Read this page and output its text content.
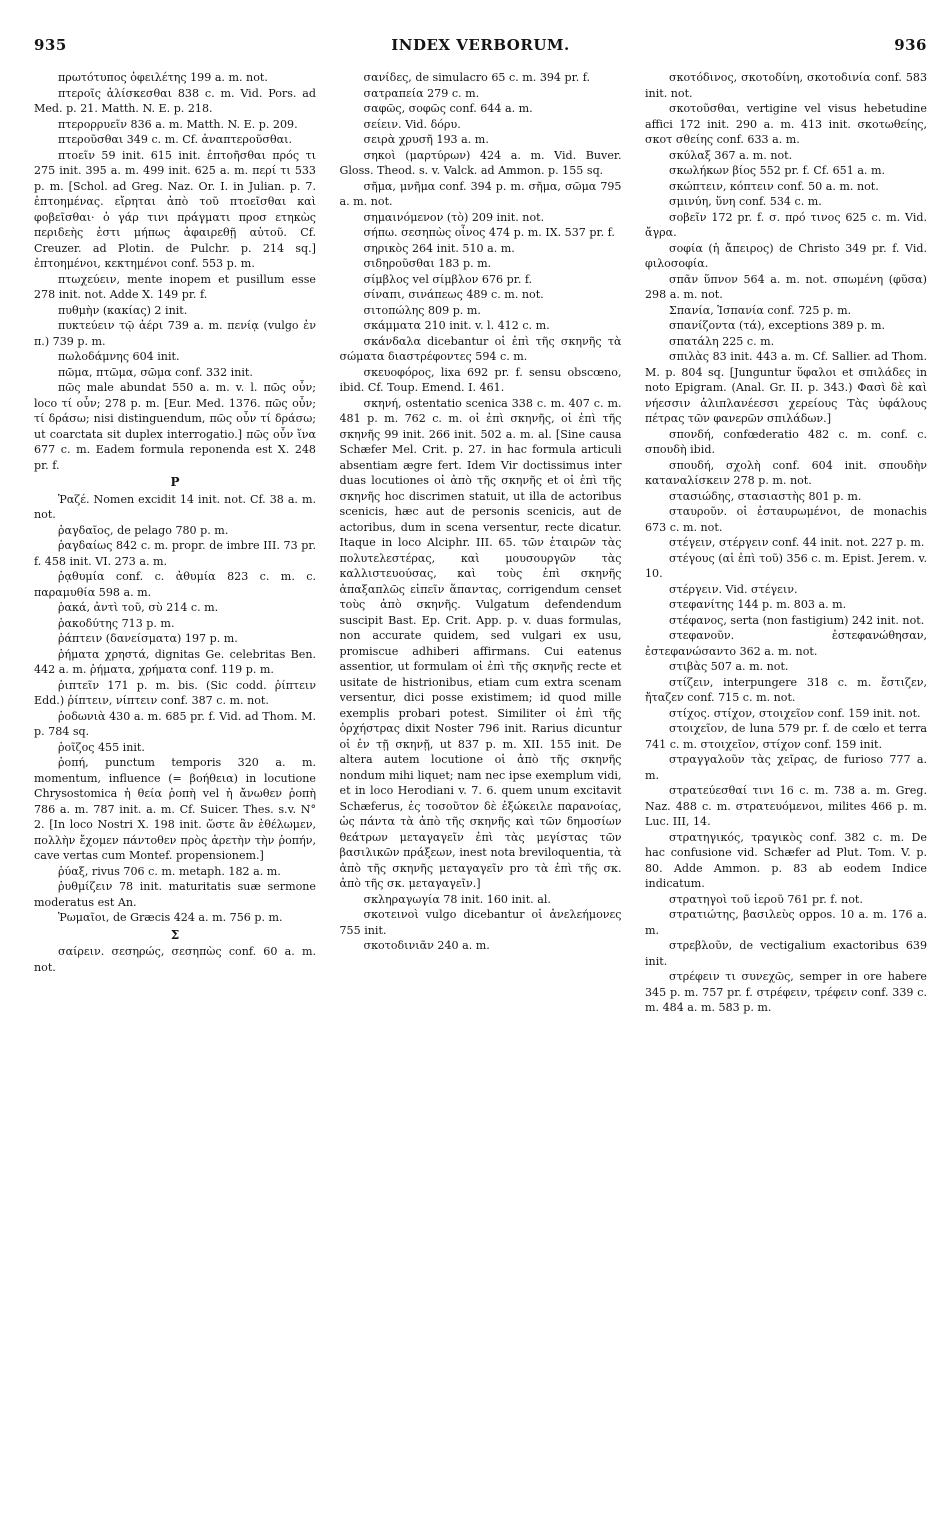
935	INDEX VERBORUM.	936

πρωτότυπος ὀφειλέτης 199 a. m. not.

πτεροῖς ἁλίσκεσθαι 838 c. m. Vid. Pors. ad Med. p. 21. Matth. N. E. p. 218.

πτερορρυεῖν 836 a. m. Matth. N. E. p. 209.

πτεροῦσθαι 349 c. m. Cf. ἀναπτεροῦσθαι.

πτοεῖν 59 init. 615 init. ἐπτοῆσθαι πρός τι 275 init. 395 a. m. 499 init. 625 a. m. περί τι 533 p. m. [Schol. ad Greg. Naz. Or. I. in Julian. p. 7. ἐπτοημένας. εἴρηται ἀπὸ τοῦ πτοεῖσθαι καὶ φοβεῖσθαι· ὁ γάρ τινι πράγματι προσ ετηκὼς περιδεὴς ἐστι μήπως ἀφαιρεθῇ αὐτοῦ. Cf. Creuzer. ad Plotin. de Pulchr. p. 214 sq.] ἐπτοημένοι, κεκτημένοι conf. 553 p. m.

πτωχεύειν, mente inopem et pusillum esse 278 init. not. Adde X. 149 pr. f.

πυθμὴν (κακίας) 2 init.

πυκτεύειν τῷ ἀέρι 739 a. m. πενίᾳ (vulgo ἐν π.) 739 p. m.

πωλοδάμνης 604 init.

πῶμα, πτῶμα, σῶμα conf. 332 init.

πῶς male abundat 550 a. m. v. l. πῶς οὖν; loco τί οὖν; 278 p. m. [Eur. Med. 1376. πῶς οὖν; τί δράσω; nisi distinguendum, πῶς οὖν τί δράσω; ut coarctata sit duplex interrogatio.] πῶς οὖν ἵνα 677 c. m. Eadem formula reponenda est X. 248 pr. f.

P

Ῥαζέ. Nomen excidit 14 init. not. Cf. 38 a. m. not.

ῥαγδαῖος, de pelago 780 p. m.

ῥαγδαίως 842 c. m. propr. de imbre III. 73 pr. f. 458 init. VI. 273 a. m.

ῥᾳθυμία conf. c. ἀθυμία 823 c. m. c. παραμυθία 598 a. m.

ῥακά, ἀντὶ τοῦ, σὺ 214 c. m.

ῥακοδύτης 713 p. m.

ῥάπτειν (δανείσματα) 197 p. m.

ῥήματα χρηστά, dignitas Ge. celebritas Ben. 442 a. m. ῥήματα, χρήματα conf. 119 p. m.

ῥιπτεῖν 171 p. m. bis. (Sic codd. ῥίπτειν Edd.) ῥίπτειν, νίπτειν conf. 387 c. m. not.

ῥοδωνιὰ 430 a. m. 685 pr. f. Vid. ad Thom. M. p. 784 sq.

ῥοῖζος 455 init.

ῥοπή, punctum temporis 320 a. m. momentum, influence (= βοήθεια) in locutione Chrysostomica ἡ θεία ῥοπὴ vel ἡ ἄνωθεν ῥοπὴ 786 a. m. 787 init. a. m. Cf. Suicer. Thes. s.v. N° 2. [In loco Nostri X. 198 init. ὥστε ἂν ἐθέλωμεν, πολλὴν ἔχομεν πάντοθεν πρὸς ἀρετὴν τὴν ῥοπήν, cave vertas cum Montef. propensionem.]

ῥύαξ, rivus 706 c. m. metaph. 182 a. m.

ῥυθμίζειν 78 init. maturitatis suæ sermone moderatus est An.

Ῥωμαῖοι, de Græcis 424 a. m. 756 p. m.

Σ

σαίρειν. σεσηρώς, σεσηπὼς conf. 60 a. m. not.

σανίδες, de simulacro 65 c. m. 394 pr. f.

σατραπεία 279 c. m.

σαφῶς, σοφῶς conf. 644 a. m.

σείειν. Vid. δόρυ.

σειρὰ χρυσῆ 193 a. m.

σηκοὶ (μαρτύρων) 424 a. m. Vid. Buver. Gloss. Theod. s. v. Valck. ad Ammon. p. 155 sq.

σῆμα, μνῆμα conf. 394 p. m. σῆμα, σῶμα 795 a. m. not.

σημαινόμενον (τὸ) 209 init. not.

σήπω. σεσηπὼς οἶνος 474 p. m. IX. 537 pr. f.

σηρικὸς 264 init. 510 a. m.

σιδηροῦσθαι 183 p. m.

σίμβλος vel σίμβλον 676 pr. f.

σίναπι, σινάπεως 489 c. m. not.

σιτοπώλης 809 p. m.

σκάμματα 210 init. v. l. 412 c. m.

σκάνδαλα dicebantur οἱ ἐπὶ τῆς σκηνῆς τὰ σώματα διαστρέφοντες 594 c. m.

σκευοφόρος, lixa 692 pr. f. sensu obscœno, ibid. Cf. Toup. Emend. I. 461.

σκηνή, ostentatio scenica 338 c. m. 407 c. m. 481 p. m. 762 c. m. οἱ ἐπὶ σκηνῆς, οἱ ἐπὶ τῆς σκηνῆς 99 init. 266 init. 502 a. m. al. [Sine causa Schæfer Mel. Crit. p. 27. in hac formula articuli absentiam ægre fert. Idem Vir doctissimus inter duas locutiones οἱ ἀπὸ τῆς σκηνῆς et οἱ ἐπὶ τῆς σκηνῆς hoc discrimen statuit, ut illa de actoribus scenicis, hæc aut de personis scenicis, aut de actoribus, dum in scena versentur, recte dicatur. Itaque in loco Alciphr. III. 65. τῶν ἑταιρῶν τὰς πολυτελεστέρας, καὶ μουσουργῶν τὰς καλλιστευούσας, καὶ τοὺς ἐπὶ σκηνῆς ἁπαξαπλῶς εἰπεῖν ἅπαντας, corrigendum censet τοὺς ἀπὸ σκηνῆς. Vulgatum defendendum suscipit Bast. Ep. Crit. App. p. v. duas formulas, non accurate quidem, sed vulgari ex usu, promiscue adhiberi affirmans. Cui eatenus assentior, ut formulam οἱ ἐπὶ τῆς σκηνῆς recte et usitate de histrionibus, etiam cum extra scenam versentur, dici posse existimem; id quod mille exemplis probari potest. Similiter οἱ ἐπὶ τῆς ὀρχήστρας dixit Noster 796 init. Rarius dicuntur οἱ ἐν τῇ σκηνῇ, ut 837 p. m. XII. 155 init. De altera autem locutione οἱ ἀπὸ τῆς σκηνῆς nondum mihi liquet; nam nec ipse exemplum vidi, et in loco Herodiani v. 7. 6. quem unum excitavit Schæferus, ἐς τοσοῦτον δὲ ἐξώκειλε παρανοίας, ὡς πάντα τὰ ἀπὸ τῆς σκηνῆς καὶ τῶν δημοσίων θεάτρων μεταγαγεῖν ἐπὶ τὰς μεγίστας τῶν βασιλικῶν πράξεων, inest nota breviloquentia, τὰ ἀπὸ τῆς σκηνῆς μεταγαγεῖν pro τὰ ἐπὶ τῆς σκ. ἀπὸ τῆς σκ. μεταγαγεῖν.]

σκληραγωγία 78 init. 160 init. al.

σκοτεινοὶ vulgo dicebantur οἱ ἀνελεήμονες 755 init.

σκοτοδινιᾶν 240 a. m.

σκοτόδινος, σκοτοδίνη, σκοτοδινία conf. 583 init. not.

σκοτοῦσθαι, vertigine vel visus hebetudine affici 172 init. 290 a. m. 413 init. σκοτωθείης, σκοτ σθείης conf. 633 a. m.

σκύλαξ 367 a. m. not.

σκωλήκων βίος 552 pr. f. Cf. 651 a. m.

σκώπτειν, κόπτειν conf. 50 a. m. not.

σμινύη, ὕνη conf. 534 c. m.

σοβεῖν 172 pr. f. σ. πρό τινος 625 c. m. Vid. ἄγρα.

σοφία (ἡ ἄπειρος) de Christo 349 pr. f. Vid. φιλοσοφία.

σπᾶν ὕπνον 564 a. m. not. σπωμένη (φῦσα) 298 a. m. not.

Σπανία, Ἱσπανία conf. 725 p. m.

σπανίζοντα (τά), exceptions 389 p. m.

σπατάλη 225 c. m.

σπιλὰς 83 init. 443 a. m. Cf. Sallier. ad Thom. M. p. 804 sq. [Junguntur ὕφαλοι et σπιλάδες in noto Epigram. (Anal. Gr. II. p. 343.) Φασὶ δὲ καὶ νήεσσιν ἁλιπλανέεσσι χερείους Τὰς ὑφάλους πέτρας τῶν φανερῶν σπιλάδων.]

σπονδή, confœderatio 482 c. m. conf. c. σπουδὴ ibid.

σπουδή, σχολὴ conf. 604 init. σπουδὴν καταναλίσκειν 278 p. m. not.

στασιώδης, στασιαστὴς 801 p. m.

σταυροῦν. οἱ ἐσταυρωμένοι, de monachis 673 c. m. not.

στέγειν, στέργειν conf. 44 init. not. 227 p. m.

στέγους (αἱ ἐπὶ τοῦ) 356 c. m. Epist. Jerem. v. 10.

στέργειν. Vid. στέγειν.

στεφανίτης 144 p. m. 803 a. m.

στέφανος, serta (non fastigium) 242 init. not.

στεφανοῦν. ἐστεφανώθησαν, ἐστεφανώσαντο 362 a. m. not.

στιβὰς 507 a. m. not.

στίζειν, interpungere 318 c. m. ἔστιζεν, ἤταζεν conf. 715 c. m. not.

στίχος. στίχον, στοιχεῖον conf. 159 init. not.

στοιχεῖον, de luna 579 pr. f. de cœlo et terra 741 c. m. στοιχεῖον, στίχον conf. 159 init.

στραγγαλοῦν τὰς χεῖρας, de furioso 777 a. m.

στρατεύεσθαί τινι 16 c. m. 738 a. m. Greg. Naz. 488 c. m. στρατευόμενοι, milites 466 p. m. Luc. III, 14.

στρατηγικός, τραγικὸς conf. 382 c. m. De hac confusione vid. Schæfer ad Plut. Tom. V. p. 80. Adde Ammon. p. 83 ab eodem Indice indicatum.

στρατηγοὶ τοῦ ἱεροῦ 761 pr. f. not.

στρατιώτης, βασιλεὺς oppos. 10 a. m. 176 a. m.

στρεβλοῦν, de vectigalium exactoribus 639 init.

στρέφειν τι συνεχῶς, semper in ore habere 345 p. m. 757 pr. f. στρέφειν, τρέφειν conf. 339 c. m. 484 a. m. 583 p. m.
